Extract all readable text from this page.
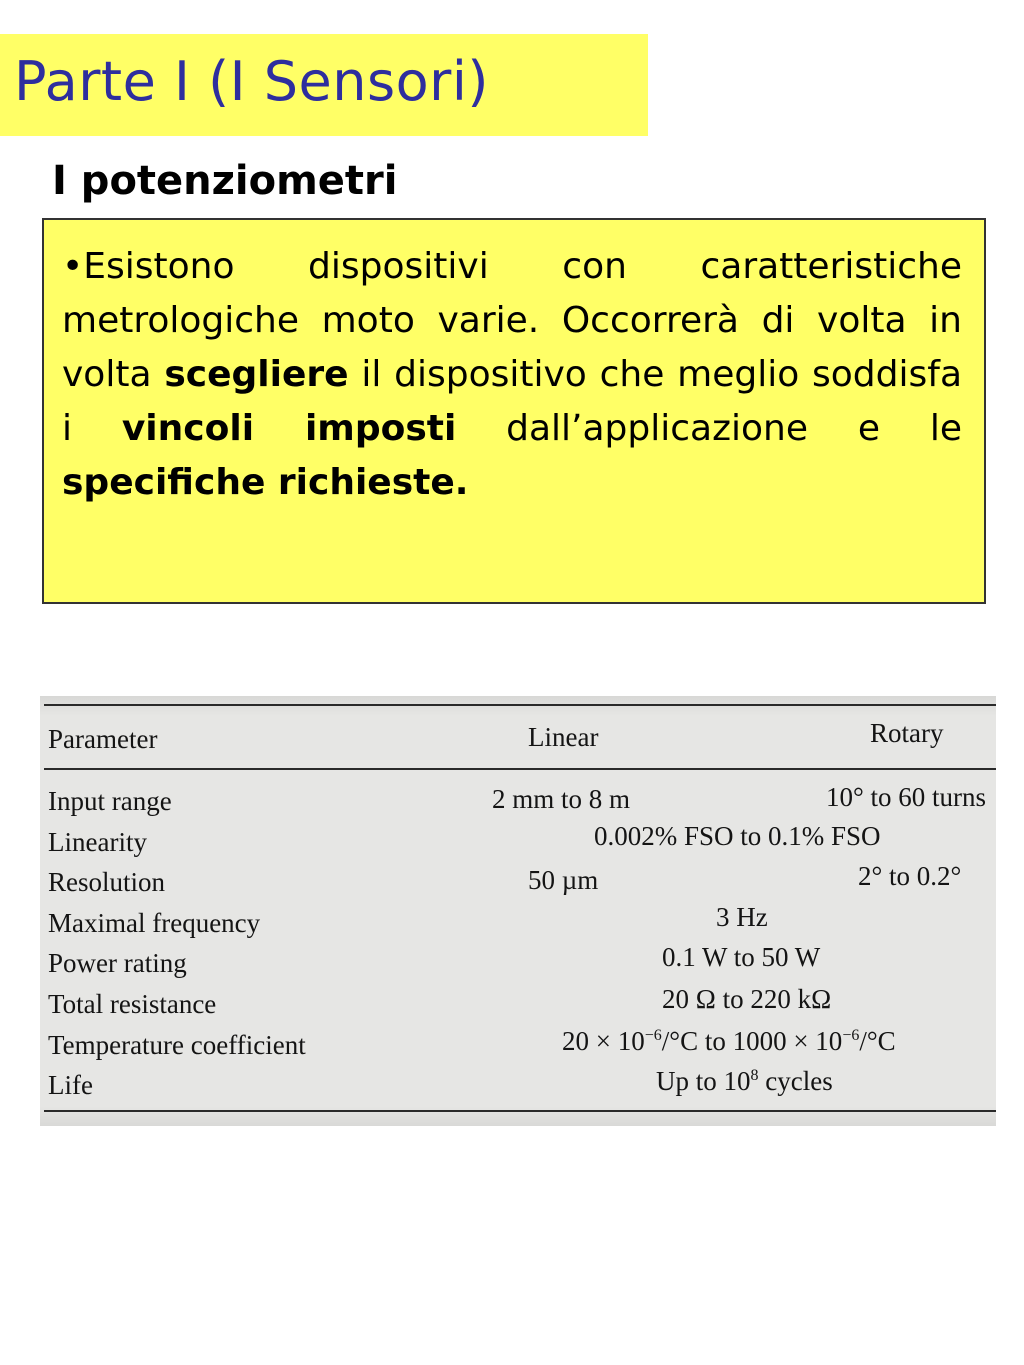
Parte I (I Sensori)
I potenziometri

•Esistono dispositivi con caratteristiche metrologiche moto varie. Occorrerà di volta in volta scegliere il dispositivo che meglio soddisfa i vincoli imposti dall’applicazione e le specifiche richieste.

Parameter	Linear	Rotary
Input range	2 mm to 8 m	10° to 60 turns
Linearity	0.002% FSO to 0.1% FSO
Resolution	50 µm	2° to 0.2°
Maximal frequency	3 Hz
Power rating	0.1 W to 50 W
Total resistance	20 Ω to 220 kΩ
Temperature coefficient	$20 \times 10^{-6}/^\circ C$ to $1000 \times 10^{-6}/^\circ C$
Life	Up to $10^8$ cycles
